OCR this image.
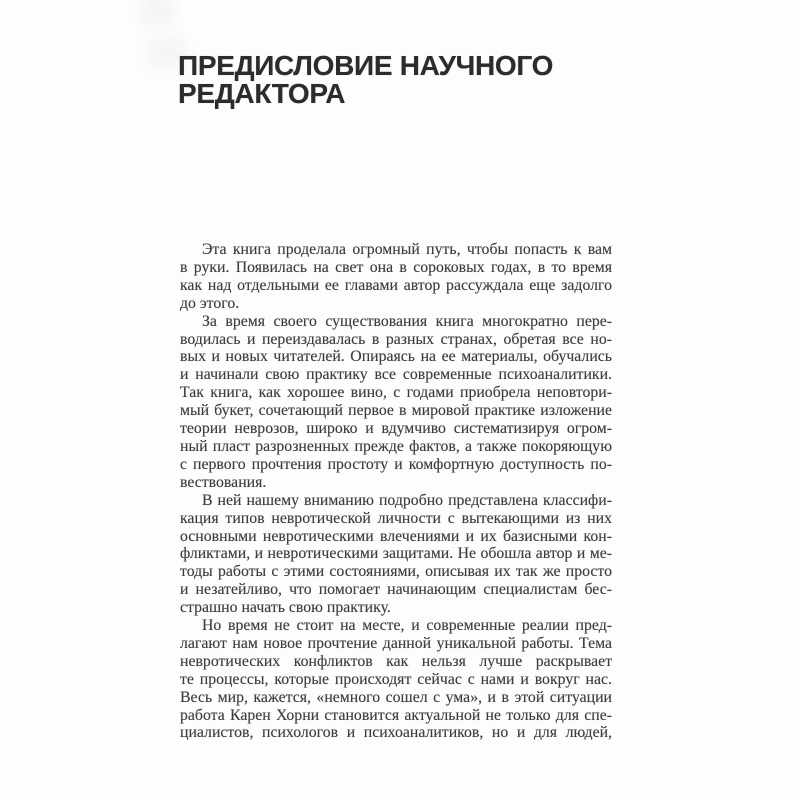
ПРЕДИСЛОВИЕ НАУЧНОГО
РЕДАКТОРА

Эта книга проделала огромный путь, чтобы попасть к вам
в руки. Появилась на свет она в сороковых годах, в то время
как над отдельными ее главами автор рассуждала еще задолго
до этого.

За время своего существования книга многократно пере-
водилась и переиздавалась в разных странах, обретая все но-
вых и новых читателей. Опираясь на ее материалы, обучались
и начинали свою практику все современные психоаналитики.
Так книга, как хорошее вино, с годами приобрела неповтори-
мый букет, сочетающий первое в мировой практике изложение
теории неврозов, широко и вдумчиво систематизируя огром-
ный пласт разрозненных прежде фактов, а также покоряющую
с первого прочтения простоту и комфортную доступность по-
вествования.

В ней нашему вниманию подробно представлена классифи-
кация типов невротической личности с вытекающими из них
основными невротическими влечениями и их базисными кон-
фликтами, и невротическими защитами. Не обошла автор и ме-
тоды работы с этими состояниями, описывая их так же просто
и незатейливо, что помогает начинающим специалистам бес-
страшно начать свою практику.

Но время не стоит на месте, и современные реалии пред-
лагают нам новое прочтение данной уникальной работы. Тема
невротических конфликтов как нельзя лучше раскрывает
те процессы, которые происходят сейчас с нами и вокруг нас.
Весь мир, кажется, «немного сошел с ума», и в этой ситуации
работа Карен Хорни становится актуальной не только для спе-
циалистов, психологов и психоаналитиков, но и для людей,
